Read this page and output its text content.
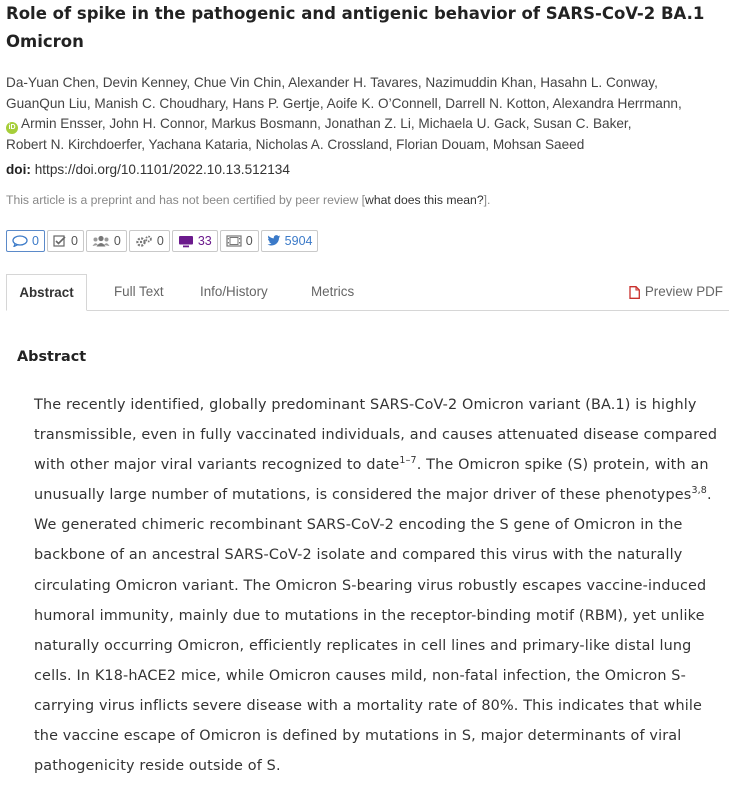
Role of spike in the pathogenic and antigenic behavior of SARS-CoV-2 BA.1 Omicron
Da-Yuan Chen, Devin Kenney, Chue Vin Chin, Alexander H. Tavares, Nazimuddin Khan, Hasahn L. Conway,
GuanQun Liu, Manish C. Choudhary, Hans P. Gertje, Aoife K. O’Connell, Darrell N. Kotton, Alexandra Herrmann,
iD Armin Ensser, John H. Connor, Markus Bosmann, Jonathan Z. Li, Michaela U. Gack, Susan C. Baker,
Robert N. Kirchdoerfer, Yachana Kataria, Nicholas A. Crossland, Florian Douam, Mohsan Saeed
doi: https://doi.org/10.1101/2022.10.13.512134
This article is a preprint and has not been certified by peer review [what does this mean?].
0	0	0	0	33	0	5904
Abstract	Full Text	Info/History	Metrics	Preview PDF
Abstract
The recently identified, globally predominant SARS-CoV-2 Omicron variant (BA.1) is highly transmissible, even in fully vaccinated individuals, and causes attenuated disease compared with other major viral variants recognized to date$^{1-7}$. The Omicron spike (S) protein, with an unusually large number of mutations, is considered the major driver of these phenotypes$^{3,8}$. We generated chimeric recombinant SARS-CoV-2 encoding the S gene of Omicron in the backbone of an ancestral SARS-CoV-2 isolate and compared this virus with the naturally circulating Omicron variant. The Omicron S-bearing virus robustly escapes vaccine-induced humoral immunity, mainly due to mutations in the receptor-binding motif (RBM), yet unlike naturally occurring Omicron, efficiently replicates in cell lines and primary-like distal lung cells. In K18-hACE2 mice, while Omicron causes mild, non-fatal infection, the Omicron S-carrying virus inflicts severe disease with a mortality rate of 80%. This indicates that while the vaccine escape of Omicron is defined by mutations in S, major determinants of viral pathogenicity reside outside of S.
